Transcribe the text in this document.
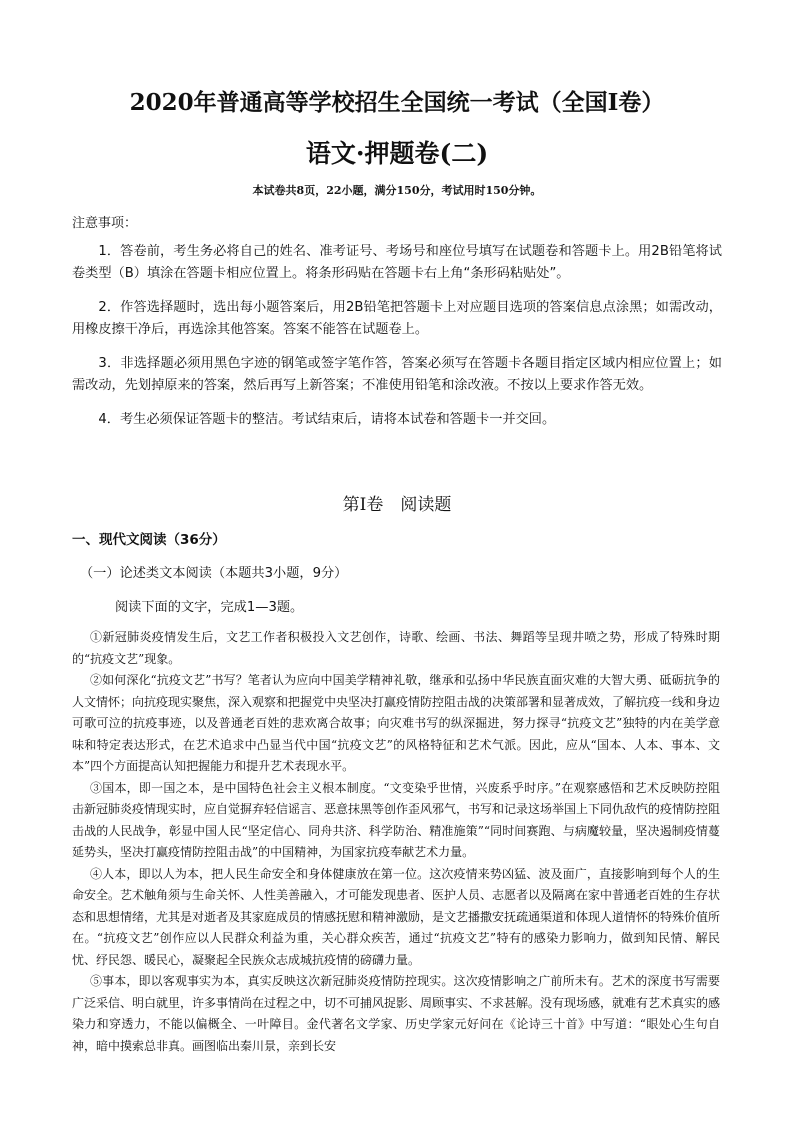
2020年普通高等学校招生全国统一考试（全国I卷）
语文·押题卷(二)
本试卷共8页，22小题，满分150分，考试用时150分钟。
注意事项：

1．答卷前，考生务必将自己的姓名、准考证号、考场号和座位号填写在试题卷和答题卡上。用2B铅笔将试卷类型（B）填涂在答题卡相应位置上。将条形码贴在答题卡右上角“条形码粘贴处”。

2．作答选择题时，选出每小题答案后，用2B铅笔把答题卡上对应题目选项的答案信息点涂黑；如需改动，用橡皮擦干净后，再选涂其他答案。答案不能答在试题卷上。

3．非选择题必须用黑色字迹的钢笔或签字笔作答，答案必须写在答题卡各题目指定区域内相应位置上；如需改动，先划掉原来的答案，然后再写上新答案；不准使用铅笔和涂改液。不按以上要求作答无效。

4．考生必须保证答题卡的整洁。考试结束后，请将本试卷和答题卡一并交回。

第I卷　阅读题
一、现代文阅读（36分）
（一）论述类文本阅读（本题共3小题，9分）
阅读下面的文字，完成1—3题。

①新冠肺炎疫情发生后，文艺工作者积极投入文艺创作，诗歌、绘画、书法、舞蹈等呈现井喷之势，形成了特殊时期的“抗疫文艺”现象。

②如何深化“抗疫文艺”书写？笔者认为应向中国美学精神礼敬，继承和弘扬中华民族直面灾难的大智大勇、砥砺抗争的人文情怀；向抗疫现实聚焦，深入观察和把握党中央坚决打赢疫情防控阻击战的决策部署和显著成效，了解抗疫一线和身边可歌可泣的抗疫事迹，以及普通老百姓的悲欢离合故事；向灾难书写的纵深掘进，努力探寻“抗疫文艺”独特的内在美学意味和特定表达形式，在艺术追求中凸显当代中国“抗疫文艺”的风格特征和艺术气派。因此，应从“国本、人本、事本、文本”四个方面提高认知把握能力和提升艺术表现水平。

③国本，即一国之本，是中国特色社会主义根本制度。“文变染乎世情，兴废系乎时序。”在观察感悟和艺术反映防控阻击新冠肺炎疫情现实时，应自觉摒弃轻信谣言、恶意抹黑等创作歪风邪气，书写和记录这场举国上下同仇敌忾的疫情防控阻击战的人民战争，彰显中国人民“坚定信心、同舟共济、科学防治、精准施策”“同时间赛跑、与病魔较量，坚决遏制疫情蔓延势头，坚决打赢疫情防控阻击战”的中国精神，为国家抗疫奉献艺术力量。

④人本，即以人为本，把人民生命安全和身体健康放在第一位。这次疫情来势凶猛、波及面广，直接影响到每个人的生命安全。艺术触角须与生命关怀、人性美善融入，才可能发现患者、医护人员、志愿者以及隔离在家中普通老百姓的生存状态和思想情绪，尤其是对逝者及其家庭成员的情感抚慰和精神激励，是文艺播撒安抚疏通渠道和体现人道情怀的特殊价值所在。“抗疫文艺”创作应以人民群众利益为重，关心群众疾苦，通过“抗疫文艺”特有的感染力影响力，做到知民情、解民忧、纾民怨、暖民心，凝聚起全民族众志成城抗疫情的磅礴力量。

⑤事本，即以客观事实为本，真实反映这次新冠肺炎疫情防控现实。这次疫情影响之广前所未有。艺术的深度书写需要广泛采信、明白就里，许多事情尚在过程之中，切不可捕风捉影、周顾事实、不求甚解。没有现场感，就难有艺术真实的感染力和穿透力，不能以偏概全、一叶障目。金代著名文学家、历史学家元好问在《论诗三十首》中写道：“眼处心生句自神，暗中摸索总非真。画图临出秦川景，亲到长安
